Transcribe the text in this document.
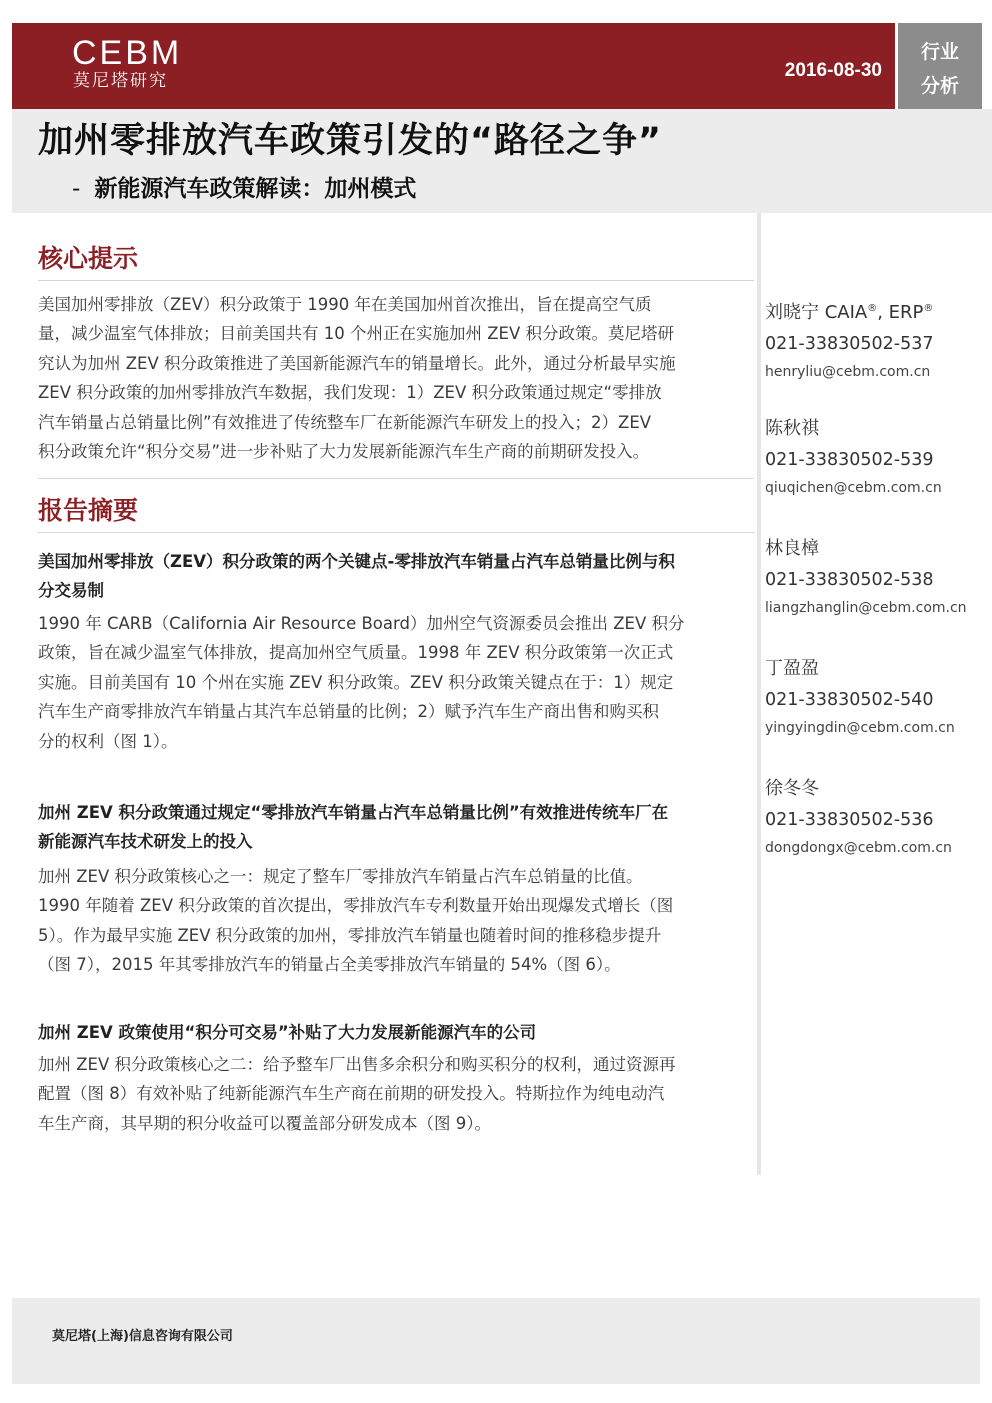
CEBM
莫尼塔研究	2016-08-30
行业
分析
加州零排放汽车政策引发的“路径之争”
- 新能源汽车政策解读：加州模式
核心提示
美国加州零排放（ZEV）积分政策于 1990 年在美国加州首次推出，旨在提高空气质
量，减少温室气体排放；目前美国共有 10 个州正在实施加州 ZEV 积分政策。莫尼塔研
究认为加州 ZEV 积分政策推进了美国新能源汽车的销量增长。此外，通过分析最早实施
ZEV 积分政策的加州零排放汽车数据，我们发现：1）ZEV 积分政策通过规定“零排放
汽车销量占总销量比例”有效推进了传统整车厂在新能源汽车研发上的投入；2）ZEV
积分政策允许“积分交易”进一步补贴了大力发展新能源汽车生产商的前期研发投入。
报告摘要
美国加州零排放（ZEV）积分政策的两个关键点-零排放汽车销量占汽车总销量比例与积
分交易制
1990 年 CARB（California Air Resource Board）加州空气资源委员会推出 ZEV 积分
政策，旨在减少温室气体排放，提高加州空气质量。1998 年 ZEV 积分政策第一次正式
实施。目前美国有 10 个州在实施 ZEV 积分政策。ZEV 积分政策关键点在于：1）规定
汽车生产商零排放汽车销量占其汽车总销量的比例；2）赋予汽车生产商出售和购买积
分的权利（图 1）。
加州 ZEV 积分政策通过规定“零排放汽车销量占汽车总销量比例”有效推进传统车厂在
新能源汽车技术研发上的投入
加州 ZEV 积分政策核心之一：规定了整车厂零排放汽车销量占汽车总销量的比值。
1990 年随着 ZEV 积分政策的首次提出，零排放汽车专利数量开始出现爆发式增长（图
5）。作为最早实施 ZEV 积分政策的加州，零排放汽车销量也随着时间的推移稳步提升
（图 7），2015 年其零排放汽车的销量占全美零排放汽车销量的 54%（图 6）。
加州 ZEV 政策使用“积分可交易”补贴了大力发展新能源汽车的公司
加州 ZEV 积分政策核心之二：给予整车厂出售多余积分和购买积分的权利，通过资源再
配置（图 8）有效补贴了纯新能源汽车生产商在前期的研发投入。特斯拉作为纯电动汽
车生产商，其早期的积分收益可以覆盖部分研发成本（图 9）。
刘晓宁 CAIA®, ERP®
021-33830502-537
henryliu@cebm.com.cn
陈秋祺
021-33830502-539
qiuqichen@cebm.com.cn
林良樟
021-33830502-538
liangzhanglin@cebm.com.cn
丁盈盈
021-33830502-540
yingyingdin@cebm.com.cn
徐冬冬
021-33830502-536
dongdongx@cebm.com.cn
莫尼塔(上海)信息咨询有限公司
